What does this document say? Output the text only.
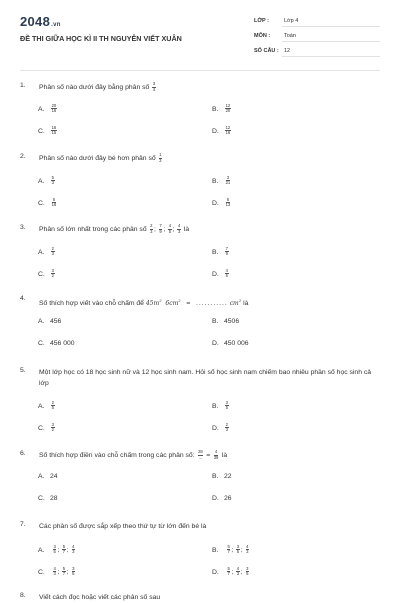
2048.vn
ĐỀ THI GIỮA HỌC KÌ II TH NGUYỄN VIẾT XUÂN
LỚP :	Lớp 4
MÔN :	Toán
SỐ CÂU : 12
1. Phân số nào dưới đây bằng phân số $\frac{3}{4}$
A. $\frac{20}{16}$	B. $\frac{12}{20}$
C. $\frac{16}{15}$	D. $\frac{12}{16}$
2. Phân số nào dưới đây bé hơn phân số $\frac{1}{3}$
A. $\frac{5}{3}$	B. $\frac{3}{21}$
C. $\frac{6}{18}$	D. $\frac{6}{13}$
3. Phân số lớn nhất trong các phân số $\frac{2}{3}$ ; $\frac{7}{9}$ ; $\frac{4}{5}$ ; $\frac{4}{3}$ là
A. $\frac{2}{3}$	B. $\frac{7}{9}$
C. $\frac{3}{2}$	D. $\frac{4}{5}$
4.
Số thích hợp viết vào chỗ chấm để $45m^2$ $6cm^2$ = ........... $cm^2$ là
A. 456	B. 4506
C. 456 000	D. 450 006
5. Một lớp học có 18 học sinh nữ và 12 học sinh nam. Hỏi số học sinh nam chiếm bao nhiêu phần số học sinh cả lớp
A. $\frac{2}{5}$	B. $\frac{3}{5}$
C. $\frac{3}{2}$	D. $\frac{2}{3}$
6. Số thích hợp điền vào chỗ chấm trong các phân số: $\frac{28}{...} = \frac{4}{39}$ là
A. 24	B. 22
C. 28	D. 26
7. Các phân số được sắp xếp theo thứ tự từ lớn đến bé là
A. $\frac{3}{5}$ ; $\frac{5}{7}$ ; $\frac{4}{3}$	B. $\frac{5}{7}$ ; $\frac{3}{5}$ ; $\frac{4}{3}$
C. $\frac{4}{3}$ ; $\frac{5}{7}$ ; $\frac{3}{5}$	D. $\frac{5}{7}$ ; $\frac{4}{3}$ ; $\frac{3}{5}$
8. Viết cách đọc hoặc viết các phân số sau
